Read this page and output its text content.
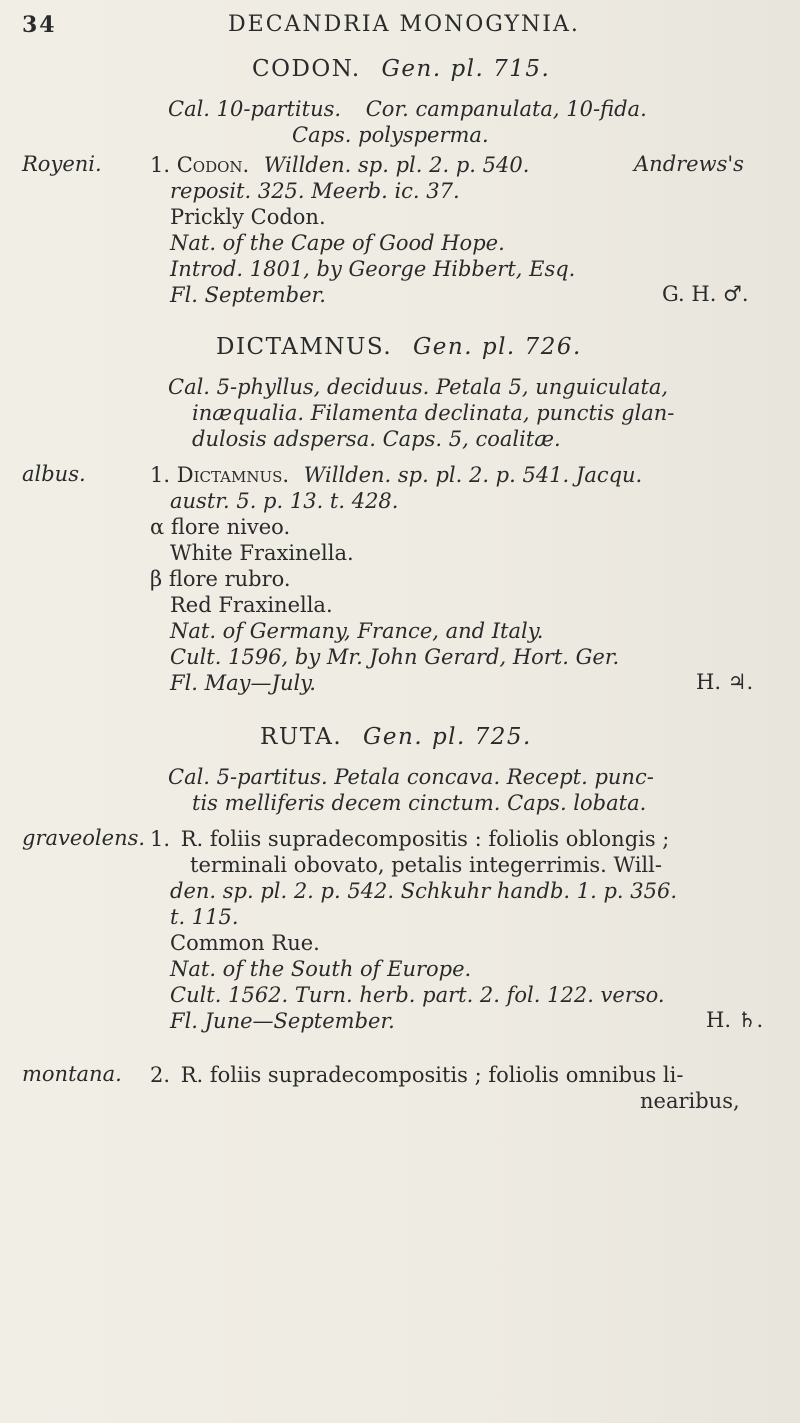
34	DECANDRIA MONOGYNIA.
CODON. Gen. pl. 715.
Cal. 10-partitus. Cor. campanulata, 10-fida.
Caps. polysperma.
Royeni. 1. Codon. Willden. sp. pl. 2. p. 540.	Andrews's
reposit. 325. Meerb. ic. 37.
Prickly Codon.
Nat. of the Cape of Good Hope.
Introd. 1801, by George Hibbert, Esq.
Fl. September.	G. H. ♂.
DICTAMNUS. Gen. pl. 726.
Cal. 5-phyllus, deciduus. Petala 5, unguiculata,
inæqualia. Filamenta declinata, punctis glan-
dulosis adspersa. Caps. 5, coalitæ.
albus.	1. Dictamnus. Willden. sp. pl. 2. p. 541. Jacqu.
austr. 5. p. 13. t. 428.
α flore niveo.
White Fraxinella.
β flore rubro.
Red Fraxinella.
Nat. of Germany, France, and Italy.
Cult. 1596, by Mr. John Gerard, Hort. Ger.
Fl. May—July.	H. ♃.
RUTA. Gen. pl. 725.
Cal. 5-partitus. Petala concava. Recept. punc-
tis melliferis decem cinctum. Caps. lobata.
graveolens. 1. R. foliis supradecompositis : foliolis oblongis ;
terminali obovato, petalis integerrimis. Will-
den. sp. pl. 2. p. 542. Schkuhr handb. 1. p. 356.
t. 115.
Common Rue.
Nat. of the South of Europe.
Cult. 1562. Turn. herb. part. 2. fol. 122. verso.
Fl. June—September.	H. ♄.
montana. 2. R. foliis supradecompositis ; foliolis omnibus li-
nearibus,
